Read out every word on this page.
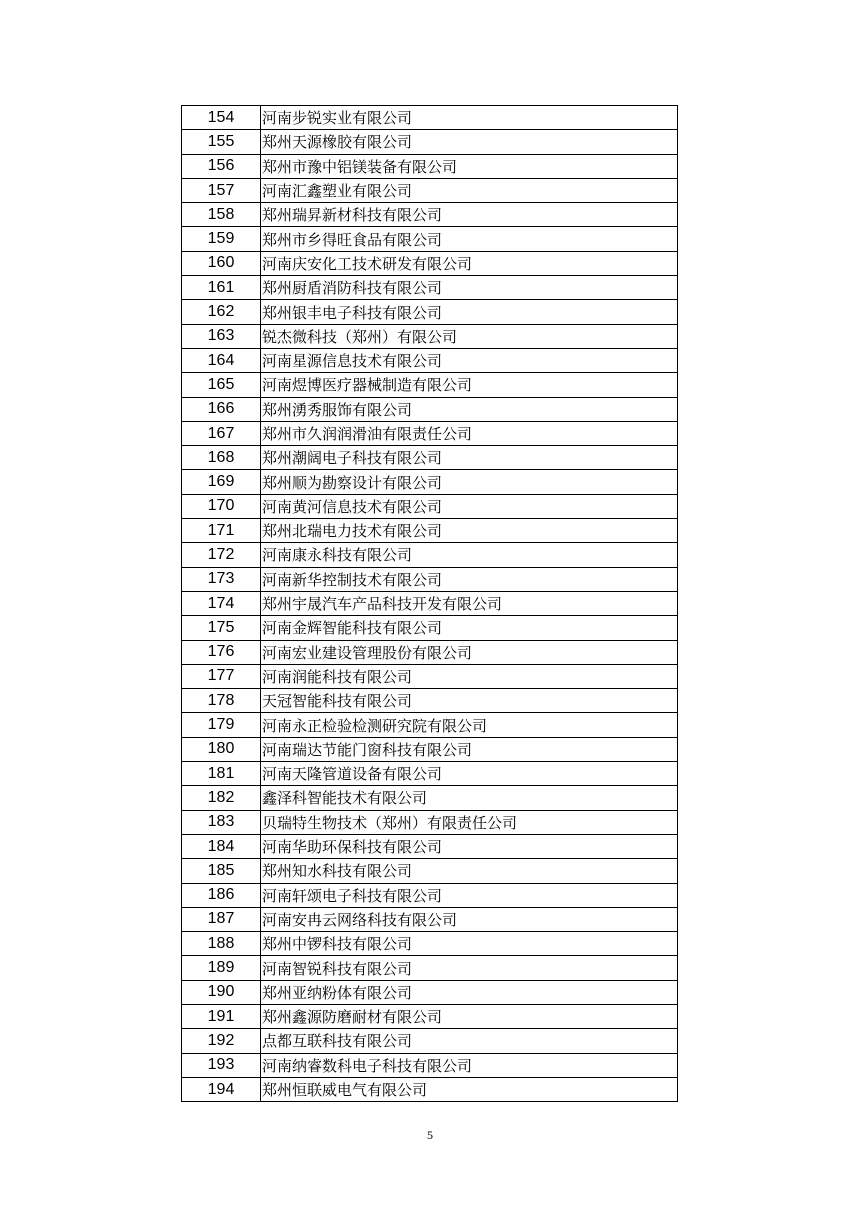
154	河南步锐实业有限公司
155	郑州天源橡胶有限公司
156	郑州市豫中铝镁装备有限公司
157	河南汇鑫塑业有限公司
158	郑州瑞昇新材科技有限公司
159	郑州市乡得旺食品有限公司
160	河南庆安化工技术研发有限公司
161	郑州厨盾消防科技有限公司
162	郑州银丰电子科技有限公司
163	锐杰微科技（郑州）有限公司
164	河南星源信息技术有限公司
165	河南煜博医疗器械制造有限公司
166	郑州湧秀服饰有限公司
167	郑州市久润润滑油有限责任公司
168	郑州潮阔电子科技有限公司
169	郑州顺为勘察设计有限公司
170	河南黄河信息技术有限公司
171	郑州北瑞电力技术有限公司
172	河南康永科技有限公司
173	河南新华控制技术有限公司
174	郑州宇晟汽车产品科技开发有限公司
175	河南金辉智能科技有限公司
176	河南宏业建设管理股份有限公司
177	河南润能科技有限公司
178	天冠智能科技有限公司
179	河南永正检验检测研究院有限公司
180	河南瑞达节能门窗科技有限公司
181	河南天隆管道设备有限公司
182	鑫泽科智能技术有限公司
183	贝瑞特生物技术（郑州）有限责任公司
184	河南华助环保科技有限公司
185	郑州知水科技有限公司
186	河南轩颂电子科技有限公司
187	河南安冉云网络科技有限公司
188	郑州中锣科技有限公司
189	河南智锐科技有限公司
190	郑州亚纳粉体有限公司
191	郑州鑫源防磨耐材有限公司
192	点都互联科技有限公司
193	河南纳睿数科电子科技有限公司
194	郑州恒联威电气有限公司
5
